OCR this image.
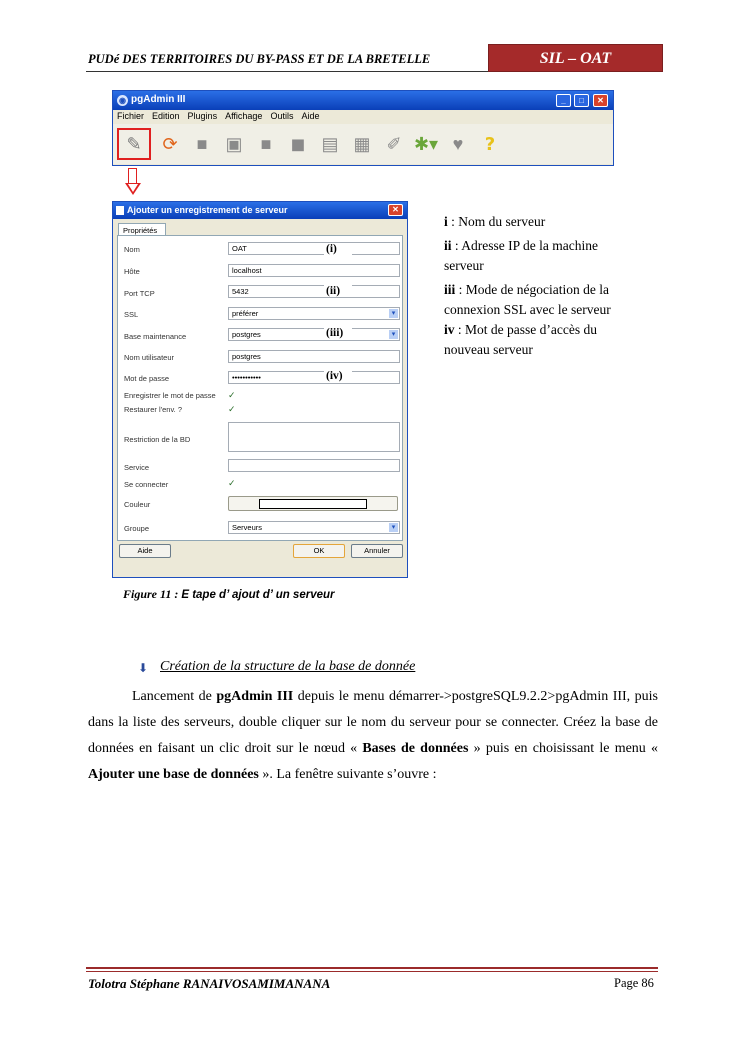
PUDé DES TERRITOIRES DU BY-PASS ET DE LA BRETELLE	SIL – OAT
◉ pgAdmin III	_	□	✕
Fichier Edition Plugins Affichage Outils Aide
✎	⟳	■	▣	■	◼ ▤ ▦ ✐ ✱▾ ♥	?
Ajouter un enregistrement de serveur	✕
Propriétés
Nom	OAT	(i)
Hôte	localhost
Port TCP	5432	(ii)
SSL	préférer ▾
Base maintenance	postgres ▾	(iii)
Nom utilisateur	postgres
Mot de passe	•••••••••••	(iv)
Enregistrer le mot de passe ✓
Restaurer l'env. ?	✓
Restriction de la BD
Service
Se connecter	✓
Couleur
Groupe	Serveurs ▾
Aide	OK	Annuler

i : Nom du serveur

ii : Adresse IP de la machine serveur

iii : Mode de négociation de la connexion SSL avec le serveur

iv : Mot de passe d’accès du nouveau serveur

Figure 11 : E tape d’ ajout d’ un serveur
⬇ Création de la structure de la base de donnée
Lancement de pgAdmin III depuis le menu démarrer->postgreSQL9.2.2>pgAdmin III, puis dans la liste des serveurs, double cliquer sur le nom du serveur pour se connecter. Créez la base de données en faisant un clic droit sur le nœud « Bases de données » puis en choisissant le menu « Ajouter une base de données ». La fenêtre suivante s’ouvre :
Tolotra Stéphane RANAIVOSAMIMANANA	Page 86
